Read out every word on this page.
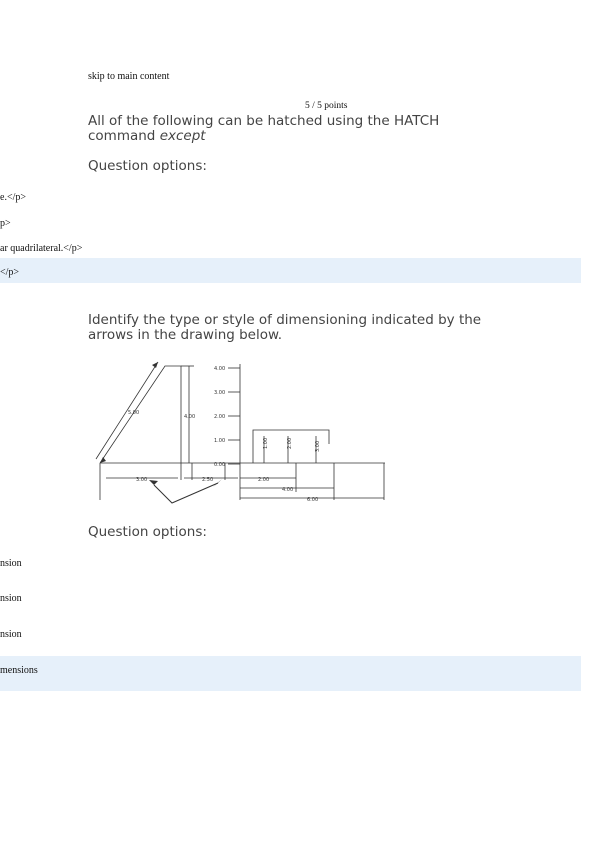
skip to main content
5 / 5 points
All of the following can be hatched using the HATCH command except
Question options:
e.</p>
p>
ar quadrilateral.</p>
</p>
Identify the type or style of dimensioning indicated by the arrows in the drawing below.
5.00
4.00
3.00	2.50
4.00
3.00
2.00
1.00
0.00
1.00	2.00	3.00
2.00
4.00
6.00
Question options:
nsion
nsion
nsion
mensions
